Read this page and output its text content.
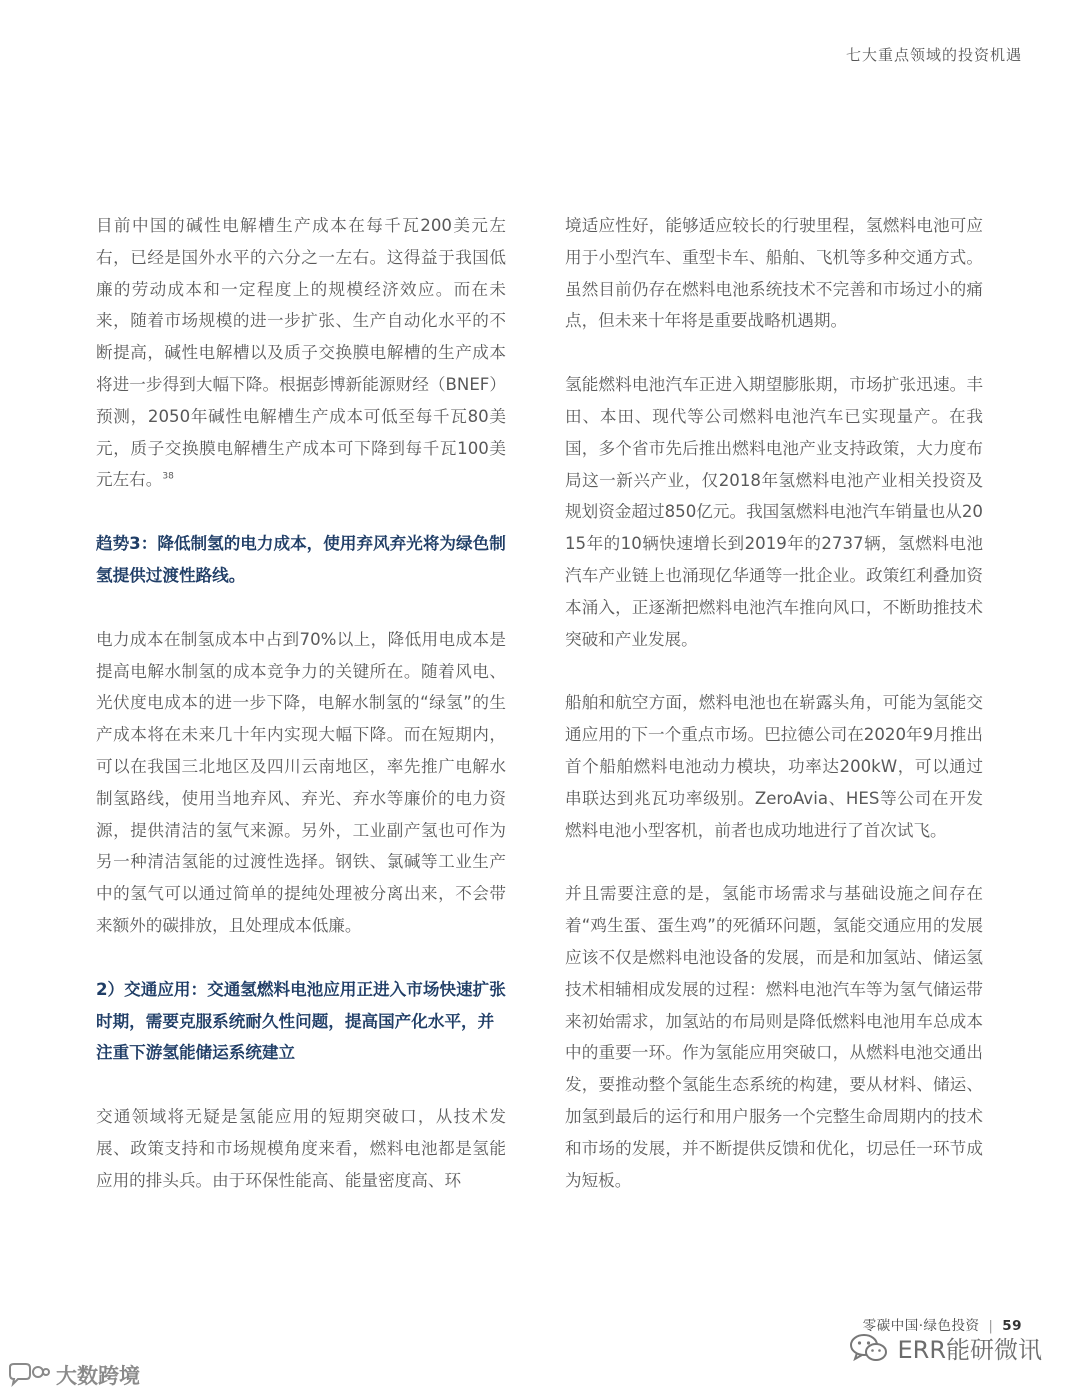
七大重点领域的投资机遇

目前中国的碱性电解槽生产成本在每千瓦200美元左右，已经是国外水平的六分之一左右。这得益于我国低廉的劳动成本和一定程度上的规模经济效应。而在未来，随着市场规模的进一步扩张、生产自动化水平的不断提高，碱性电解槽以及质子交换膜电解槽的生产成本将进一步得到大幅下降。根据彭博新能源财经（BNEF）预测，2050年碱性电解槽生产成本可低至每千瓦80美元，质子交换膜电解槽生产成本可下降到每千瓦100美元左右。$^{38}$

趋势3：降低制氢的电力成本，使用弃风弃光将为绿色制氢提供过渡性路线。

电力成本在制氢成本中占到70%以上，降低用电成本是提高电解水制氢的成本竞争力的关键所在。随着风电、光伏度电成本的进一步下降，电解水制氢的“绿氢”的生产成本将在未来几十年内实现大幅下降。而在短期内，可以在我国三北地区及四川云南地区，率先推广电解水制氢路线，使用当地弃风、弃光、弃水等廉价的电力资源，提供清洁的氢气来源。另外，工业副产氢也可作为另一种清洁氢能的过渡性选择。钢铁、氯碱等工业生产中的氢气可以通过简单的提纯处理被分离出来，不会带来额外的碳排放，且处理成本低廉。

2）交通应用：交通氢燃料电池应用正进入市场快速扩张时期，需要克服系统耐久性问题，提高国产化水平，并注重下游氢能储运系统建立

交通领域将无疑是氢能应用的短期突破口，从技术发展、政策支持和市场规模角度来看，燃料电池都是氢能应用的排头兵。由于环保性能高、能量密度高、环

境适应性好，能够适应较长的行驶里程，氢燃料电池可应用于小型汽车、重型卡车、船舶、飞机等多种交通方式。虽然目前仍存在燃料电池系统技术不完善和市场过小的痛点，但未来十年将是重要战略机遇期。

氢能燃料电池汽车正进入期望膨胀期，市场扩张迅速。丰田、本田、现代等公司燃料电池汽车已实现量产。在我国，多个省市先后推出燃料电池产业支持政策，大力度布局这一新兴产业，仅2018年氢燃料电池产业相关投资及规划资金超过850亿元。我国氢燃料电池汽车销量也从2015年的10辆快速增长到2019年的2737辆，氢燃料电池汽车产业链上也涌现亿华通等一批企业。政策红利叠加资本涌入，正逐渐把燃料电池汽车推向风口，不断助推技术突破和产业发展。

船舶和航空方面，燃料电池也在崭露头角，可能为氢能交通应用的下一个重点市场。巴拉德公司在2020年9月推出首个船舶燃料电池动力模块，功率达200kW，可以通过串联达到兆瓦功率级别。ZeroAvia、HES等公司在开发燃料电池小型客机，前者也成功地进行了首次试飞。

并且需要注意的是，氢能市场需求与基础设施之间存在着“鸡生蛋、蛋生鸡”的死循环问题，氢能交通应用的发展应该不仅是燃料电池设备的发展，而是和加氢站、储运氢技术相辅相成发展的过程：燃料电池汽车等为氢气储运带来初始需求，加氢站的布局则是降低燃料电池用车总成本中的重要一环。作为氢能应用突破口，从燃料电池交通出发，要推动整个氢能生态系统的构建，要从材料、储运、加氢到最后的运行和用户服务一个完整生命周期内的技术和市场的发展，并不断提供反馈和优化，切忌任一环节成为短板。

零碳中国·绿色投资 | 59
ERR能研微讯
大数跨境
